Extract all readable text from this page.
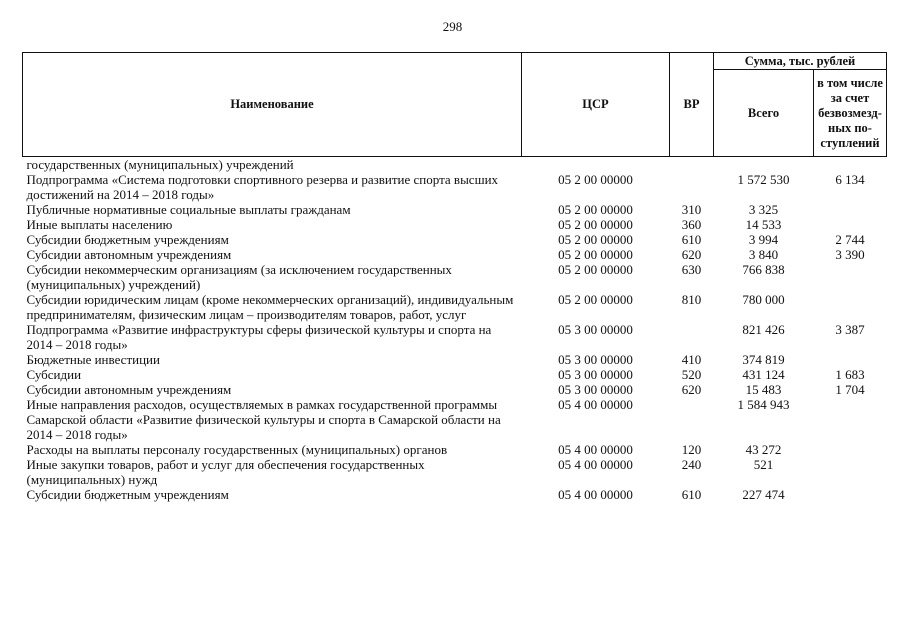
298
Наименование	ЦСР	ВР	Сумма, тыс. рублей	
			Всего	в том числе за счет безвозмезд-ных по-ступлений
государственных (муниципальных) учреждений				
Подпрограмма «Система подготовки спортивного резерва и развитие спорта высших достижений на 2014 – 2018 годы»	05 2 00 00000		1 572 530	6 134
Публичные нормативные социальные выплаты гражданам	05 2 00 00000	310	3 325	
Иные выплаты населению	05 2 00 00000	360	14 533	
Субсидии бюджетным учреждениям	05 2 00 00000	610	3 994	2 744
Субсидии автономным учреждениям	05 2 00 00000	620	3 840	3 390
Субсидии некоммерческим организациям (за исключением государственных (муниципальных) учреждений)	05 2 00 00000	630	766 838	
Субсидии юридическим лицам (кроме некоммерческих организаций), индивидуальным предпринимателям, физическим лицам – производителям товаров, работ, услуг	05 2 00 00000	810	780 000	
Подпрограмма «Развитие инфраструктуры сферы физической культуры и спорта на 2014 – 2018 годы»	05 3 00 00000		821 426	3 387
Бюджетные инвестиции	05 3 00 00000	410	374 819	
Субсидии	05 3 00 00000	520	431 124	1 683
Субсидии автономным учреждениям	05 3 00 00000	620	15 483	1 704
Иные направления расходов, осуществляемых в рамках государственной программы Самарской области «Развитие физической культуры и спорта в Самарской области на 2014 – 2018 годы»	05 4 00 00000		1 584 943	
Расходы на выплаты персоналу государственных (муниципальных) органов	05 4 00 00000	120	43 272	
Иные закупки товаров, работ и услуг для обеспечения государственных (муниципальных) нужд	05 4 00 00000	240	521	
Субсидии бюджетным учреждениям	05 4 00 00000	610	227 474	
